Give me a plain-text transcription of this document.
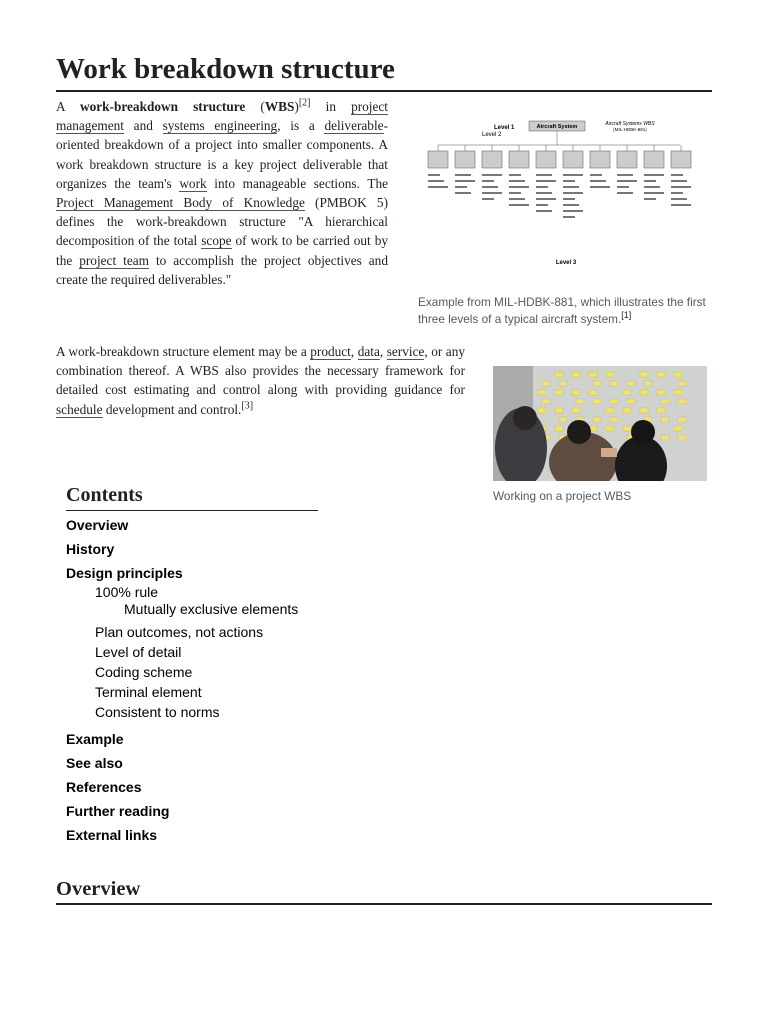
Work breakdown structure

A work-breakdown structure (WBS)[2] in project management and systems engineering, is a deliverable-oriented breakdown of a project into smaller components. A work breakdown structure is a key project deliverable that organizes the team's work into manageable sections. The Project Management Body of Knowledge (PMBOK 5) defines the work-breakdown structure "A hierarchical decomposition of the total scope of work to be carried out by the project team to accomplish the project objectives and create the required deliverables."

Level 2
Level 1	Aircraft System	Aircraft Systems WBS
(MIL-HDBK-881)
Level 3
Example from MIL-HDBK-881, which illustrates the first three levels of a typical aircraft system.[1]

A work-breakdown structure element may be a product, data, service, or any combination thereof. A WBS also provides the necessary framework for detailed cost estimating and control along with providing guidance for schedule development and control.[3]

Working on a project WBS
Contents
Overview
History
Design principles
100% rule
Mutually exclusive elements
Plan outcomes, not actions
Level of detail
Coding scheme
Terminal element
Consistent to norms
Example
See also
References
Further reading
External links
Overview
